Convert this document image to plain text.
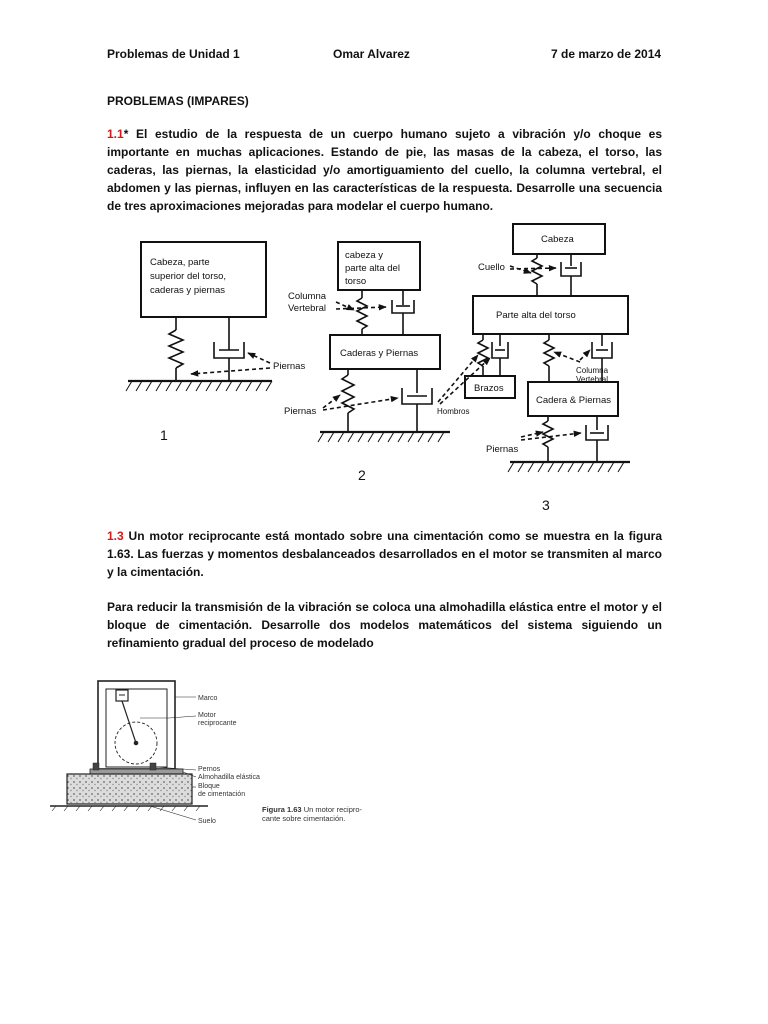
Problemas de Unidad 1	Omar Alvarez	7 de marzo de 2014
PROBLEMAS (IMPARES)
1.1* El estudio de la respuesta de un cuerpo humano sujeto a vibración y/o choque es importante en muchas aplicaciones. Estando de pie, las masas de la cabeza, el torso, las caderas, las piernas, la elasticidad y/o amortiguamiento del cuello, la columna vertebral, el abdomen y las piernas, influyen en las características de la respuesta. Desarrolle una secuencia de tres aproximaciones mejoradas para modelar el cuerpo humano.
Cabeza, parte
superior del torso,
caderas y piernas
Piernas
1
cabeza y
parte alta del
torso
Columna
Vertebral
Caderas y Piernas
Piernas	Hombros
2
Cabeza
Cuello
Parte alta del torso
Brazos
Columna
Vertebral
Cadera & Piernas
Piernas
3
1.3 Un motor reciprocante está montado sobre una cimentación como se muestra en la figura 1.63. Las fuerzas y momentos desbalanceados desarrollados en el motor se transmiten al marco y la cimentación.
Para reducir la transmisión de la vibración se coloca una almohadilla elástica entre el motor y el bloque de cimentación. Desarrolle dos modelos matemáticos del sistema siguiendo un refinamiento gradual del proceso de modelado
Marco
Motor
reciprocante
Pernos
Almohadilla elástica
Bloque
de cimentación
Suelo
Figura 1.63 Un motor recipro-
cante sobre cimentación.
